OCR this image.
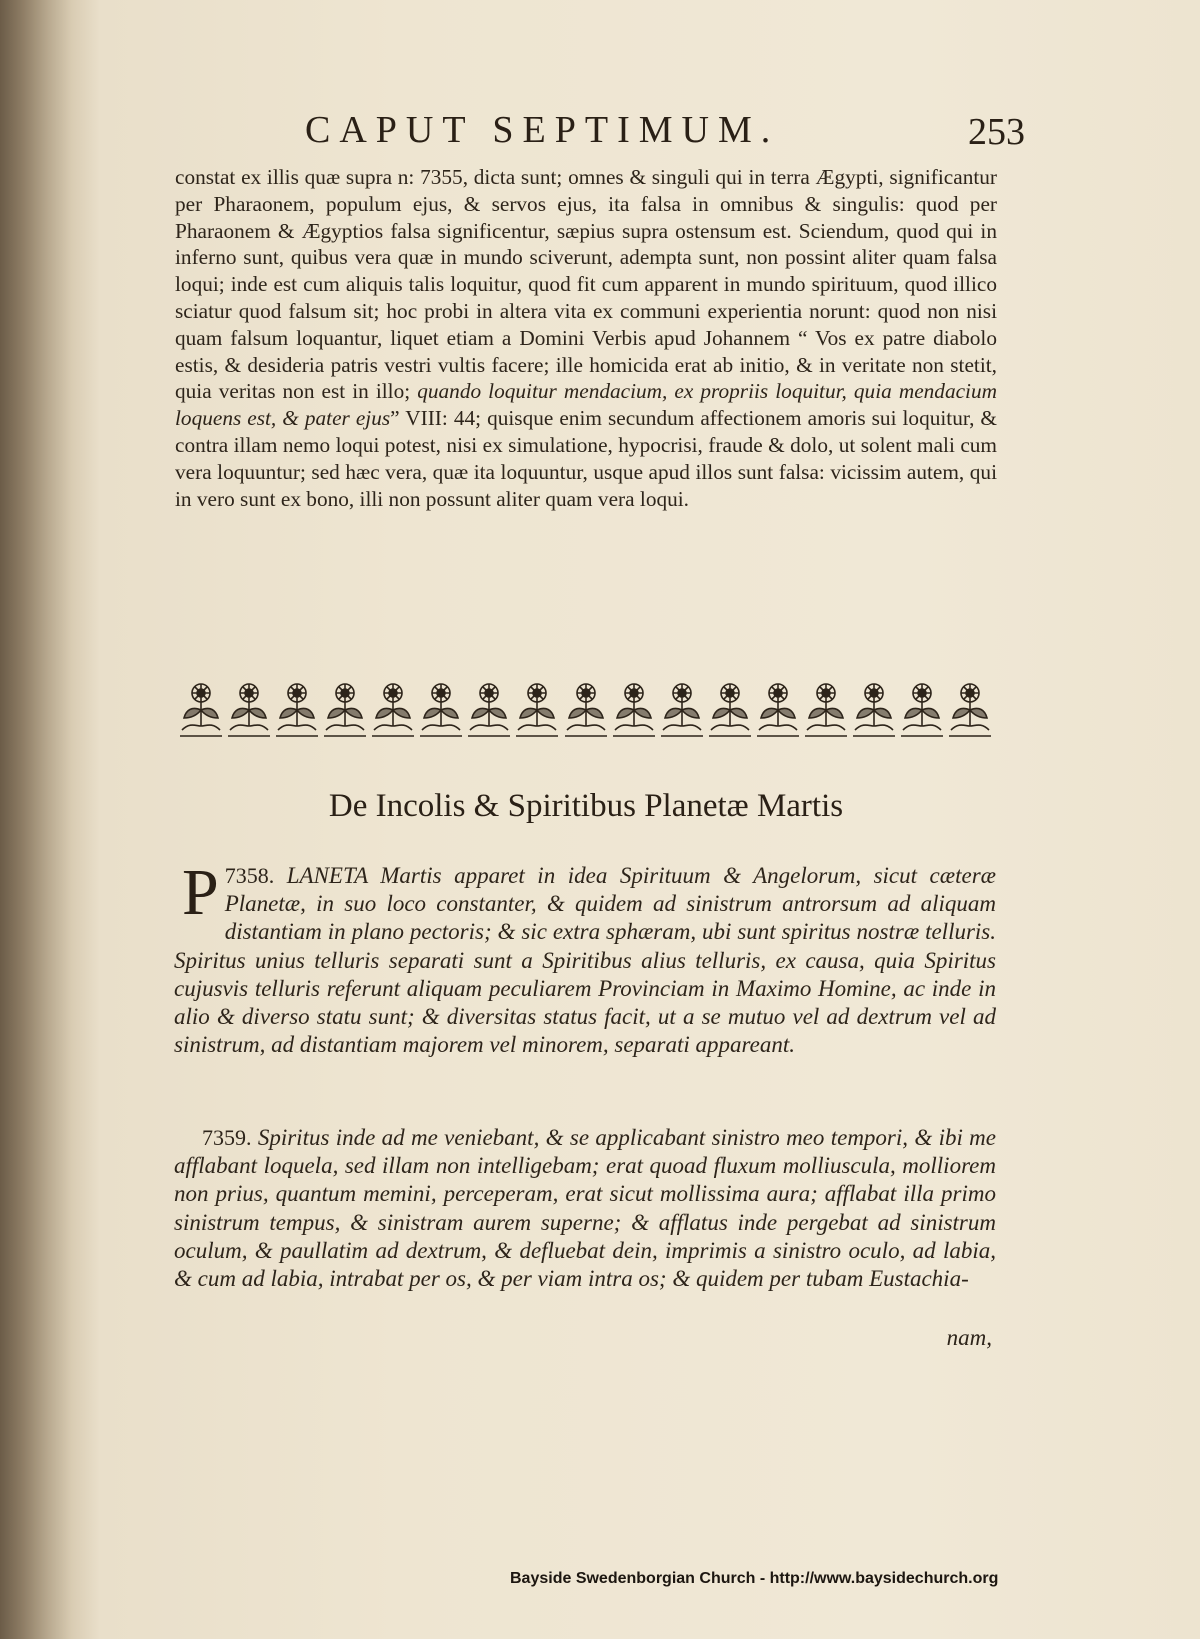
CAPUT SEPTIMUM.	253
constat ex illis quæ supra n: 7355, dicta sunt; omnes & singuli qui in terra Ægypti, significantur per Pharaonem, populum ejus, & servos ejus, ita falsa in omnibus & singulis: quod per Pharaonem & Ægyptios falsa significentur, sæpius supra ostensum est. Sciendum, quod qui in inferno sunt, quibus vera quæ in mundo sciverunt, adempta sunt, non possint aliter quam falsa loqui; inde est cum aliquis talis loquitur, quod fit cum apparent in mundo spirituum, quod illico sciatur quod falsum sit; hoc probi in altera vita ex communi experientia norunt: quod non nisi quam falsum loquantur, liquet etiam a Domini Verbis apud Johannem “ Vos ex patre diabolo estis, & desideria patris vestri vultis facere; ille homicida erat ab initio, & in veritate non stetit, quia veritas non est in illo; quando loquitur mendacium, ex propriis loquitur, quia mendacium loquens est, & pater ejus” VIII: 44; quisque enim secundum affectionem amoris sui loquitur, & contra illam nemo loqui potest, nisi ex simulatione, hypocrisi, fraude & dolo, ut solent mali cum vera loquuntur; sed hæc vera, quæ ita loquuntur, usque apud illos sunt falsa: vicissim autem, qui in vero sunt ex bono, illi non possunt aliter quam vera loqui.
De Incolis & Spiritibus Planetæ Martis
7358.
P	LANETA Martis apparet in idea Spirituum & Angelorum, sicut cæteræ Planetæ, in suo loco constanter, & quidem ad sinistrum antrorsum ad aliquam distantiam in plano pectoris; & sic extra sphæram, ubi sunt spiritus nostræ telluris. Spiritus unius telluris separati sunt a Spiritibus alius telluris, ex causa, quia Spiritus cujusvis telluris referunt aliquam peculiarem Provinciam in Maximo Homine, ac inde in alio & diverso statu sunt; & diversitas status facit, ut a se mutuo vel ad dextrum vel ad sinistrum, ad distantiam majorem vel minorem, separati appareant.
7359. Spiritus inde ad me veniebant, & se applicabant sinistro meo tempori, & ibi me afflabant loquela, sed illam non intelligebam; erat quoad fluxum molliuscula, molliorem non prius, quantum memini, perceperam, erat sicut mollissima aura; afflabat illa primo sinistrum tempus, & sinistram aurem superne; & afflatus inde pergebat ad sinistrum oculum, & paullatim ad dextrum, & defluebat dein, imprimis a sinistro oculo, ad labia, & cum ad labia, intrabat per os, & per viam intra os; & quidem per tubam Eustachia-
nam,
Bayside Swedenborgian Church - http://www.baysidechurch.org
